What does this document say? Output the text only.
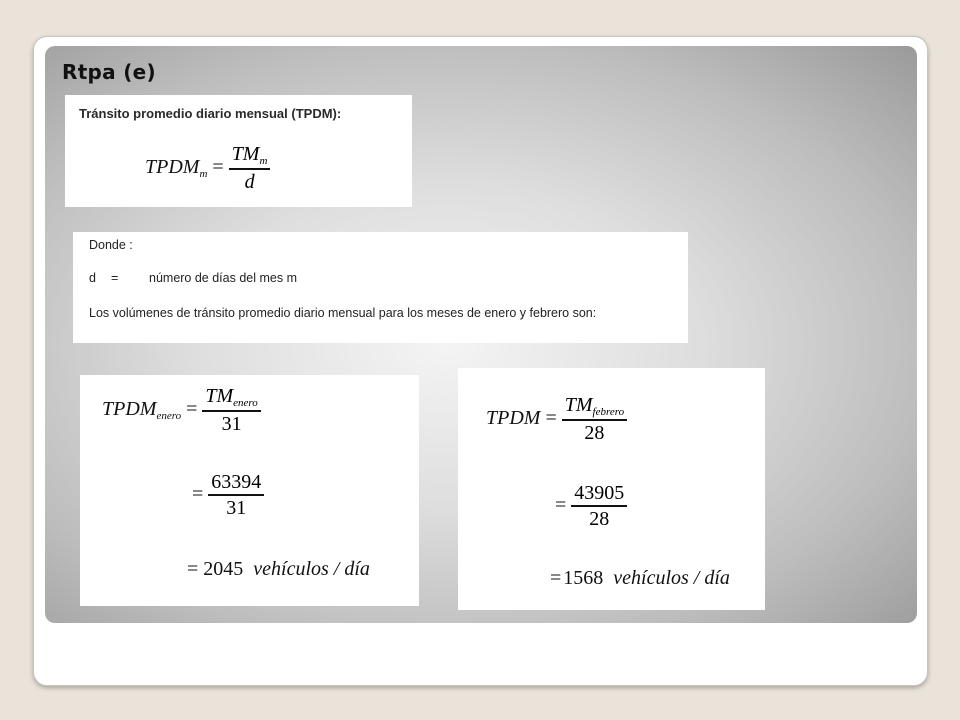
Rtpa (e)
Tránsito promedio diario mensual (TPDM):
$TPDM_m = \frac{TM_m}{d}$
Donde :
d = número de días del mes m
Los volúmenes de tránsito promedio diario mensual para los meses de enero y febrero son:
$TPDM_{enero} = \frac{TM_{enero}}{31}$
= $\frac{63394}{31}$
= 2045 vehículos / día
TPDM = $\frac{TM_{febrero}}{28}$
= $\frac{43905}{28}$
= 1568 vehículos / día
